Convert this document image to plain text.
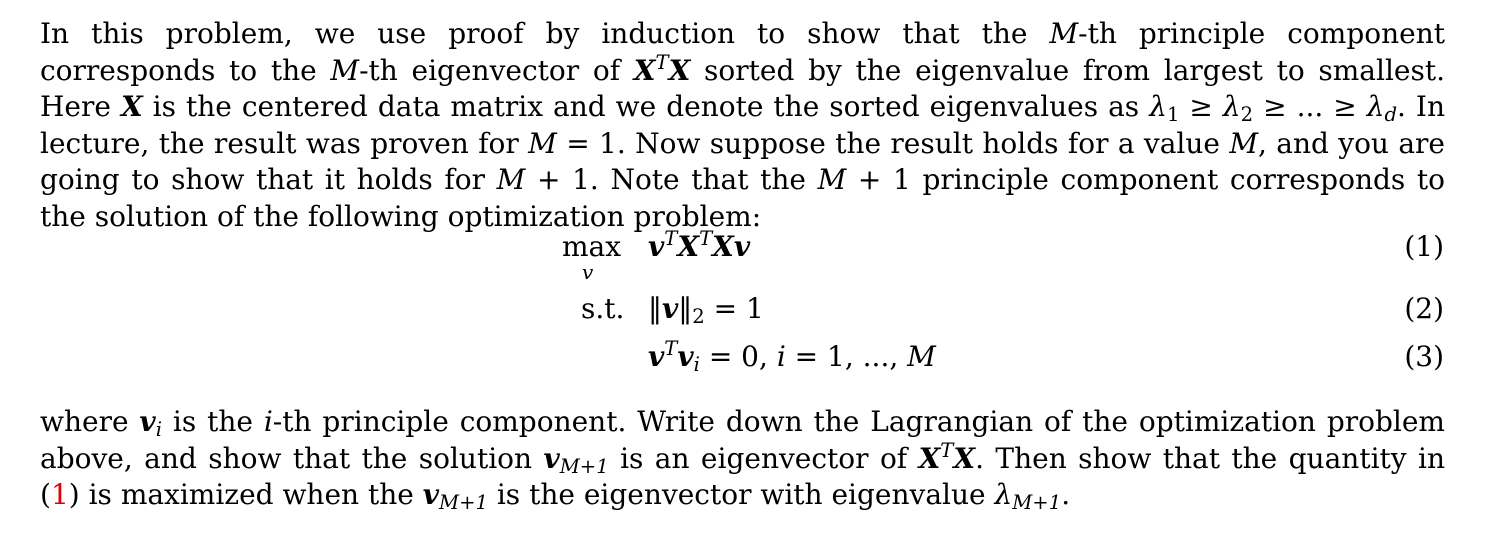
In this problem, we use proof by induction to show that the M-th principle component corresponds to the M-th eigenvector of $X^TX$ sorted by the eigenvalue from largest to smallest. Here X is the centered data matrix and we denote the sorted eigenvalues as $\lambda_1 \ge \lambda_2$ ≥ ... ≥ $\lambda_d$. In lecture, the result was proven for M = 1. Now suppose the result holds for a value M, and you are going to show that it holds for M + 1. Note that the M + 1 principle component corresponds to the solution of the following optimization problem:

max
v
$v^TX^TXv$	(1)
s.t. $‖v‖_2 = 1$	(2)
$v^Tv_i = 0$, i = 1, ..., M	(3)

where $v_i$ is the i-th principle component. Write down the Lagrangian of the optimization problem above, and show that the solution $v_{M+1}$ is an eigenvector of $X^TX$. Then show that the quantity in (1) is maximized when the $v_{M+1}$ is the eigenvector with eigenvalue $\lambda_{M+1}$.
